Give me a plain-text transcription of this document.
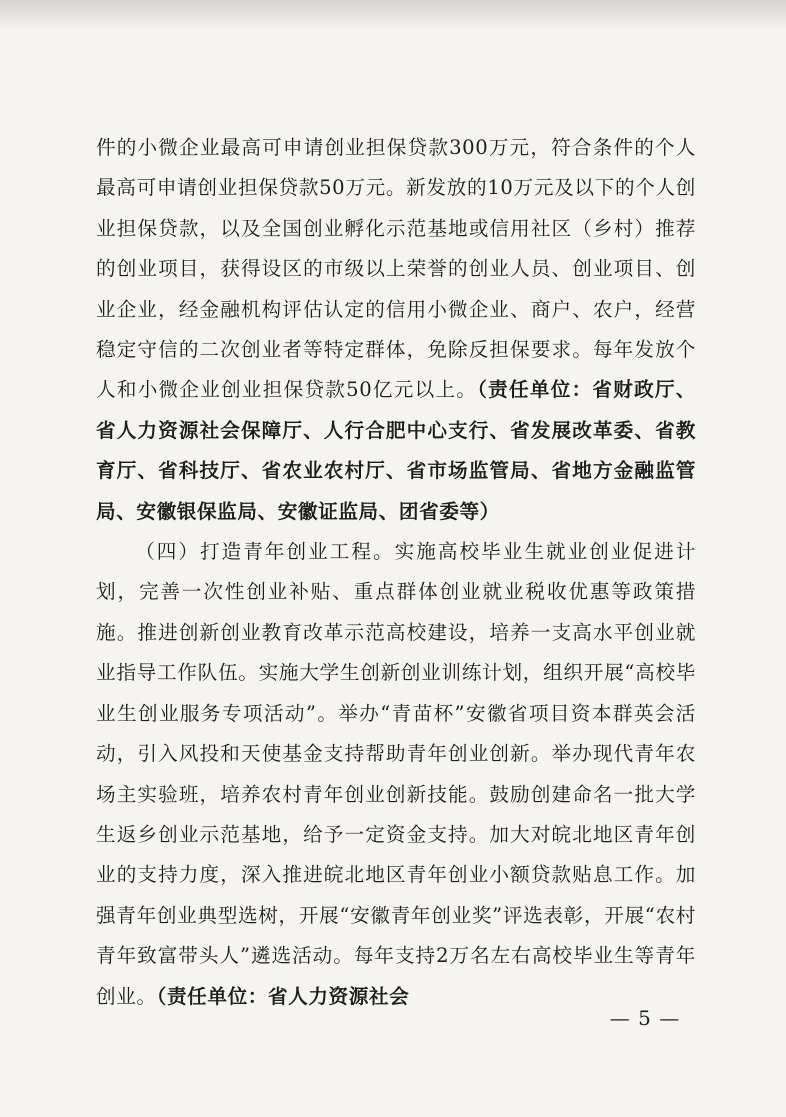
件的小微企业最高可申请创业担保贷款300万元，符合条件的个人最高可申请创业担保贷款50万元。新发放的10万元及以下的个人创业担保贷款，以及全国创业孵化示范基地或信用社区（乡村）推荐的创业项目，获得设区的市级以上荣誉的创业人员、创业项目、创业企业，经金融机构评估认定的信用小微企业、商户、农户，经营稳定守信的二次创业者等特定群体，免除反担保要求。每年发放个人和小微企业创业担保贷款50亿元以上。（责任单位：省财政厅、省人力资源社会保障厅、人行合肥中心支行、省发展改革委、省教育厅、省科技厅、省农业农村厅、省市场监管局、省地方金融监管局、安徽银保监局、安徽证监局、团省委等）

（四）打造青年创业工程。实施高校毕业生就业创业促进计划，完善一次性创业补贴、重点群体创业就业税收优惠等政策措施。推进创新创业教育改革示范高校建设，培养一支高水平创业就业指导工作队伍。实施大学生创新创业训练计划，组织开展“高校毕业生创业服务专项活动”。举办“青苗杯”安徽省项目资本群英会活动，引入风投和天使基金支持帮助青年创业创新。举办现代青年农场主实验班，培养农村青年创业创新技能。鼓励创建命名一批大学生返乡创业示范基地，给予一定资金支持。加大对皖北地区青年创业的支持力度，深入推进皖北地区青年创业小额贷款贴息工作。加强青年创业典型选树，开展“安徽青年创业奖”评选表彰，开展“农村青年致富带头人”遴选活动。每年支持2万名左右高校毕业生等青年创业。（责任单位：省人力资源社会

— 5 —
